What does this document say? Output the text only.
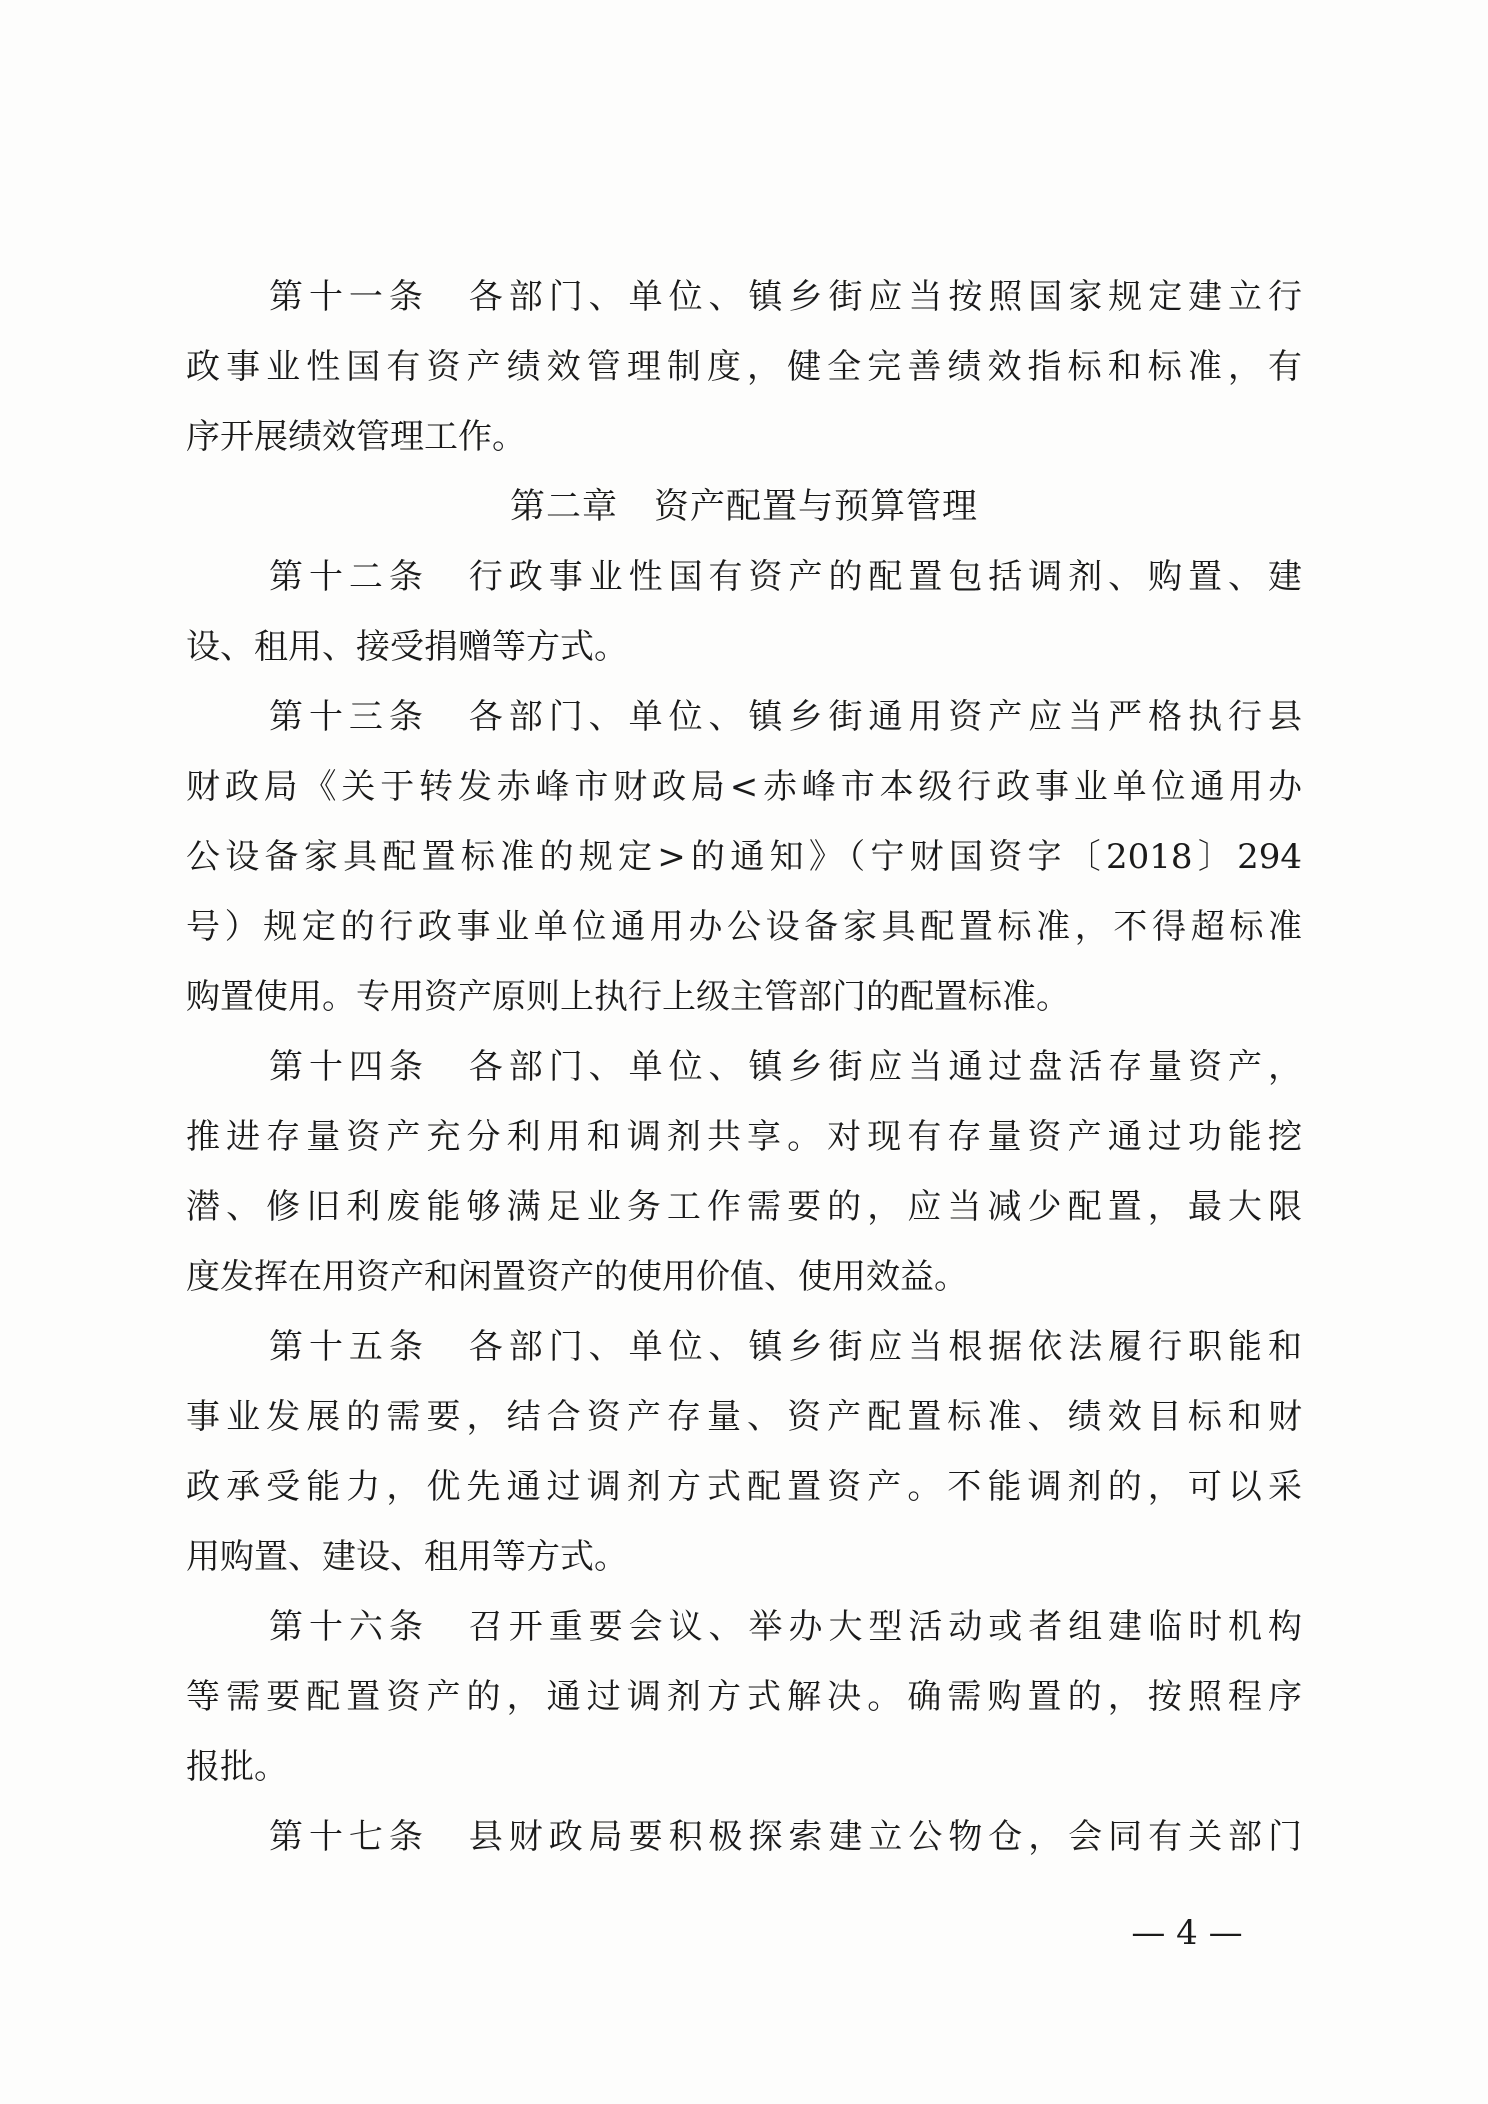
第十一条　各部门、单位、镇乡街应当按照国家规定建立行
政事业性国有资产绩效管理制度，健全完善绩效指标和标准，有
序开展绩效管理工作。
第二章　资产配置与预算管理
第十二条　行政事业性国有资产的配置包括调剂、购置、建
设、租用、接受捐赠等方式。
第十三条　各部门、单位、镇乡街通用资产应当严格执行县
财政局《关于转发赤峰市财政局<赤峰市本级行政事业单位通用办
公设备家具配置标准的规定>的通知》（宁财国资字〔2018〕294
号）规定的行政事业单位通用办公设备家具配置标准，不得超标准
购置使用。专用资产原则上执行上级主管部门的配置标准。
第十四条　各部门、单位、镇乡街应当通过盘活存量资产，
推进存量资产充分利用和调剂共享。对现有存量资产通过功能挖
潜、修旧利废能够满足业务工作需要的，应当减少配置，最大限
度发挥在用资产和闲置资产的使用价值、使用效益。
第十五条　各部门、单位、镇乡街应当根据依法履行职能和
事业发展的需要，结合资产存量、资产配置标准、绩效目标和财
政承受能力，优先通过调剂方式配置资产。不能调剂的，可以采
用购置、建设、租用等方式。
第十六条　召开重要会议、举办大型活动或者组建临时机构
等需要配置资产的，通过调剂方式解决。确需购置的，按照程序
报批。
第十七条　县财政局要积极探索建立公物仓，会同有关部门
— 4 —
